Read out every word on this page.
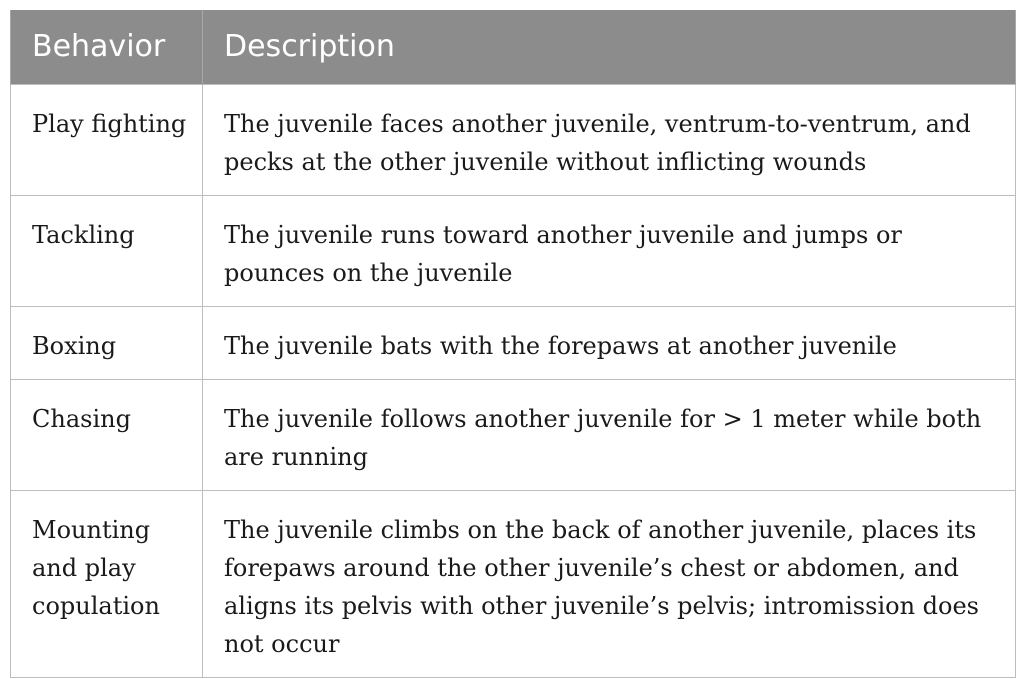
Behavior	Description
Play fighting	The juvenile faces another juvenile, ventrum-to-ventrum, and pecks at the other juvenile without inflicting wounds
Tackling	The juvenile runs toward another juvenile and jumps or pounces on the juvenile
Boxing	The juvenile bats with the forepaws at another juvenile
Chasing	The juvenile follows another juvenile for > 1 meter while both are running
Mounting and play copulation	The juvenile climbs on the back of another juvenile, places its forepaws around the other juvenile’s chest or abdomen, and aligns its pelvis with other juvenile’s pelvis; intromission does not occur
